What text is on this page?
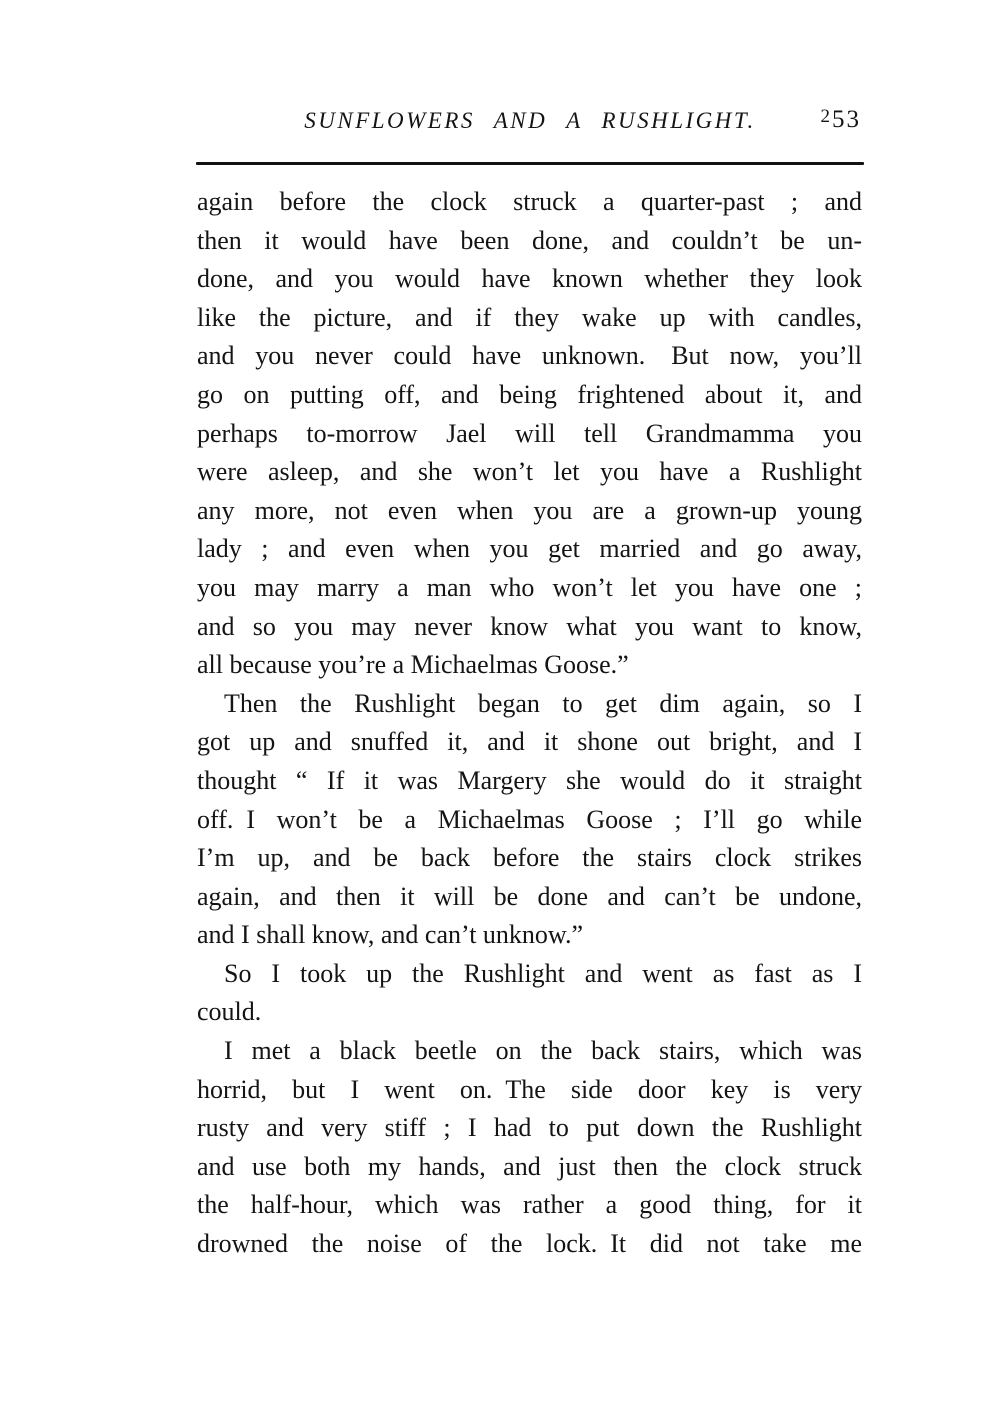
SUNFLOWERS AND A RUSHLIGHT.	$^2$53
again before the clock struck a quarter-past ; and
then it would have been done, and couldn’t be un-
done, and you would have known whether they look
like the picture, and if they wake up with candles,
and you never could have unknown. But now, you’ll
go on putting off, and being frightened about it, and
perhaps to-morrow Jael will tell Grandmamma you
were asleep, and she won’t let you have a Rushlight
any more, not even when you are a grown-up young
lady ; and even when you get married and go away,
you may marry a man who won’t let you have one ;
and so you may never know what you want to know,
all because you’re a Michaelmas Goose.”
Then the Rushlight began to get dim again, so I
got up and snuffed it, and it shone out bright, and I
thought “ If it was Margery she would do it straight
off. I won’t be a Michaelmas Goose ; I’ll go while
I’m up, and be back before the stairs clock strikes
again, and then it will be done and can’t be undone,
and I shall know, and can’t unknow.”
So I took up the Rushlight and went as fast as I
could.
I met a black beetle on the back stairs, which was
horrid, but I went on. The side door key is very
rusty and very stiff ; I had to put down the Rushlight
and use both my hands, and just then the clock struck
the half-hour, which was rather a good thing, for it
drowned the noise of the lock. It did not take me
